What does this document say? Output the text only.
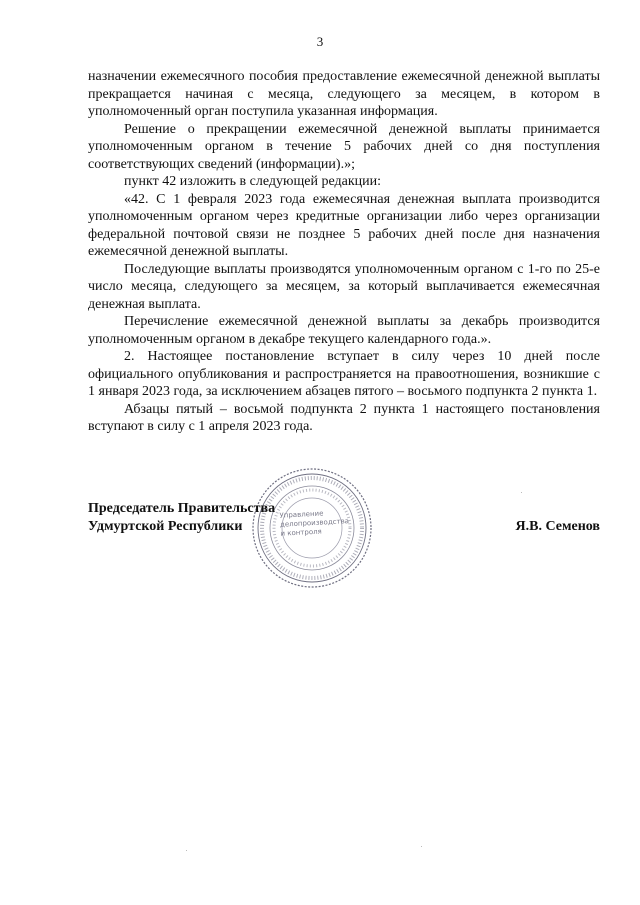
3

назначении ежемесячного пособия предоставление ежемесячной денежной выплаты прекращается начиная с месяца, следующего за месяцем, в котором в уполномоченный орган поступила указанная информация.

Решение о прекращении ежемесячной денежной выплаты принимается уполномоченным органом в течение 5 рабочих дней со дня поступления соответствующих сведений (информации).»;

пункт 42 изложить в следующей редакции:

«42. С 1 февраля 2023 года ежемесячная денежная выплата производится уполномоченным органом через кредитные организации либо через организации федеральной почтовой связи не позднее 5 рабочих дней после дня назначения ежемесячной денежной выплаты.

Последующие выплаты производятся уполномоченным органом с 1-го по 25-е число месяца, следующего за месяцем, за который выплачивается ежемесячная денежная выплата.

Перечисление ежемесячной денежной выплаты за декабрь производится уполномоченным органом в декабре текущего календарного года.».

2. Настоящее постановление вступает в силу через 10 дней после официального опубликования и распространяется на правоотношения, возникшие с 1 января 2023 года, за исключением абзацев пятого – восьмого подпункта 2 пункта 1.

Абзацы пятый – восьмой подпункта 2 пункта 1 настоящего постановления вступают в силу с 1 апреля 2023 года.

Управление делопроизводства и контроля
Председатель Правительства
Удмуртской Республики	Я.В. Семенов
